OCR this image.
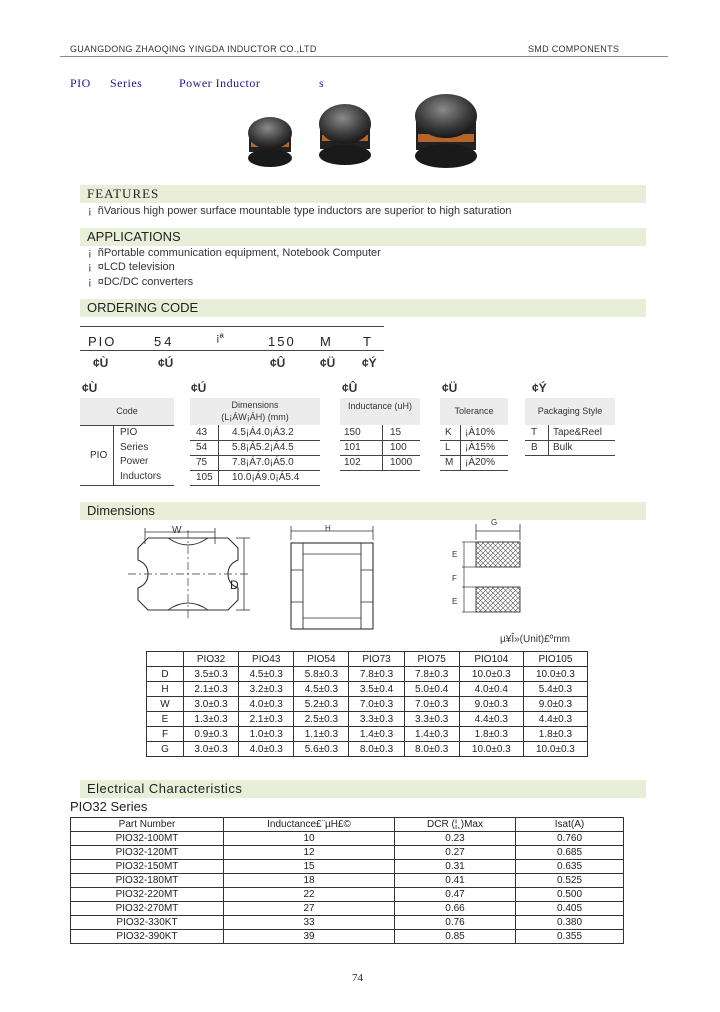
GUANGDONG ZHAOQING YINGDA INDUCTOR CO.,LTD	SMD COMPONENTS
PIO Series	Power Inductor	s
FEATURES
¡ ñVarious high power surface mountable type inductors are superior to high saturation
APPLICATIONS
¡ ñPortable communication equipment, Notebook Computer
¡ ¤LCD television
¡ ¤DC/DC converters
ORDERING CODE
PIO	54	¡ª	150 M T
¢Ù	¢Ú	¢Û	¢Ü ¢Ý
¢Ù	¢Ú	¢Û	¢Ü	¢Ý
Code
Dimensions
(L¡ÁW¡ÁH) (mm)
Inductance (uH)	Tolerance	Packaging Style
PIO
PIO
Series
Power
Inductors
43 4.5¡Á4.0¡Á3.2
54 5.8¡Á5.2¡Á4.5
75 7.8¡Á7.0¡Á5.0
105 10.0¡Á9.0¡Á5.4
150	15
101	100
102	1000
K ¡À10%
L ¡À15%
M ¡À20%
T Tape&Reel
B Bulk
Dimensions
W
D
H
G
E
F
E
µ¥Î»(Unit)£ºmm
	PIO32	PIO43	PIO54	PIO73	PIO75	PIO104	PIO105
D	3.5±0.3	4.5±0.3	5.8±0.3	7.8±0.3	7.8±0.3	10.0±0.3	10.0±0.3
H	2.1±0.3	3.2±0.3	4.5±0.3	3.5±0.4	5.0±0.4	4.0±0.4	5.4±0.3
W	3.0±0.3	4.0±0.3	5.2±0.3	7.0±0.3	7.0±0.3	9.0±0.3	9.0±0.3
E	1.3±0.3	2.1±0.3	2.5±0.3	3.3±0.3	3.3±0.3	4.4±0.3	4.4±0.3
F	0.9±0.3	1.0±0.3	1.1±0.3	1.4±0.3	1.4±0.3	1.8±0.3	1.8±0.3
G	3.0±0.3	4.0±0.3	5.6±0.3	8.0±0.3	8.0±0.3	10.0±0.3	10.0±0.3
Electrical Characteristics
PIO32 Series
Part Number	Inductance£¨µH£©	DCR (¦¸)Max	Isat(A)
PIO32-100MT	10	0.23	0.760
PIO32-120MT	12	0.27	0.685
PIO32-150MT	15	0.31	0.635
PIO32-180MT	18	0.41	0.525
PIO32-220MT	22	0.47	0.500
PIO32-270MT	27	0.66	0.405
PIO32-330KT	33	0.76	0.380
PIO32-390KT	39	0.85	0.355
74
